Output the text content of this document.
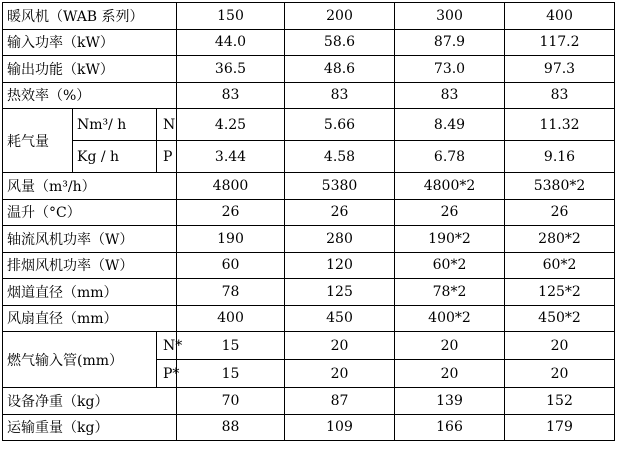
暖风机（WAB 系列）			150	200	300	400
输入功率（kW）			44.0	58.6	87.9	117.2
输出功能（kW）			36.5	48.6	73.0	97.3
热效率（%）			83	83	83	83
耗气量	Nm³/ h	N	4.25	5.66	8.49	11.32
	Kg / h	P	3.44	4.58	6.78	9.16
风量（m³/h）			4800	5380	4800*2	5380*2
温升（°C）			26	26	26	26
轴流风机功率（W）			190	280	190*2	280*2
排烟风机功率（W）			60	120	60*2	60*2
烟道直径（mm）			78	125	78*2	125*2
风扇直径（mm）			400	450	400*2	450*2
燃气输入管(mm）		N*	15	20	20	20
		P*	15	20	20	20
设备净重（kg）			70	87	139	152
运输重量（kg）			88	109	166	179
